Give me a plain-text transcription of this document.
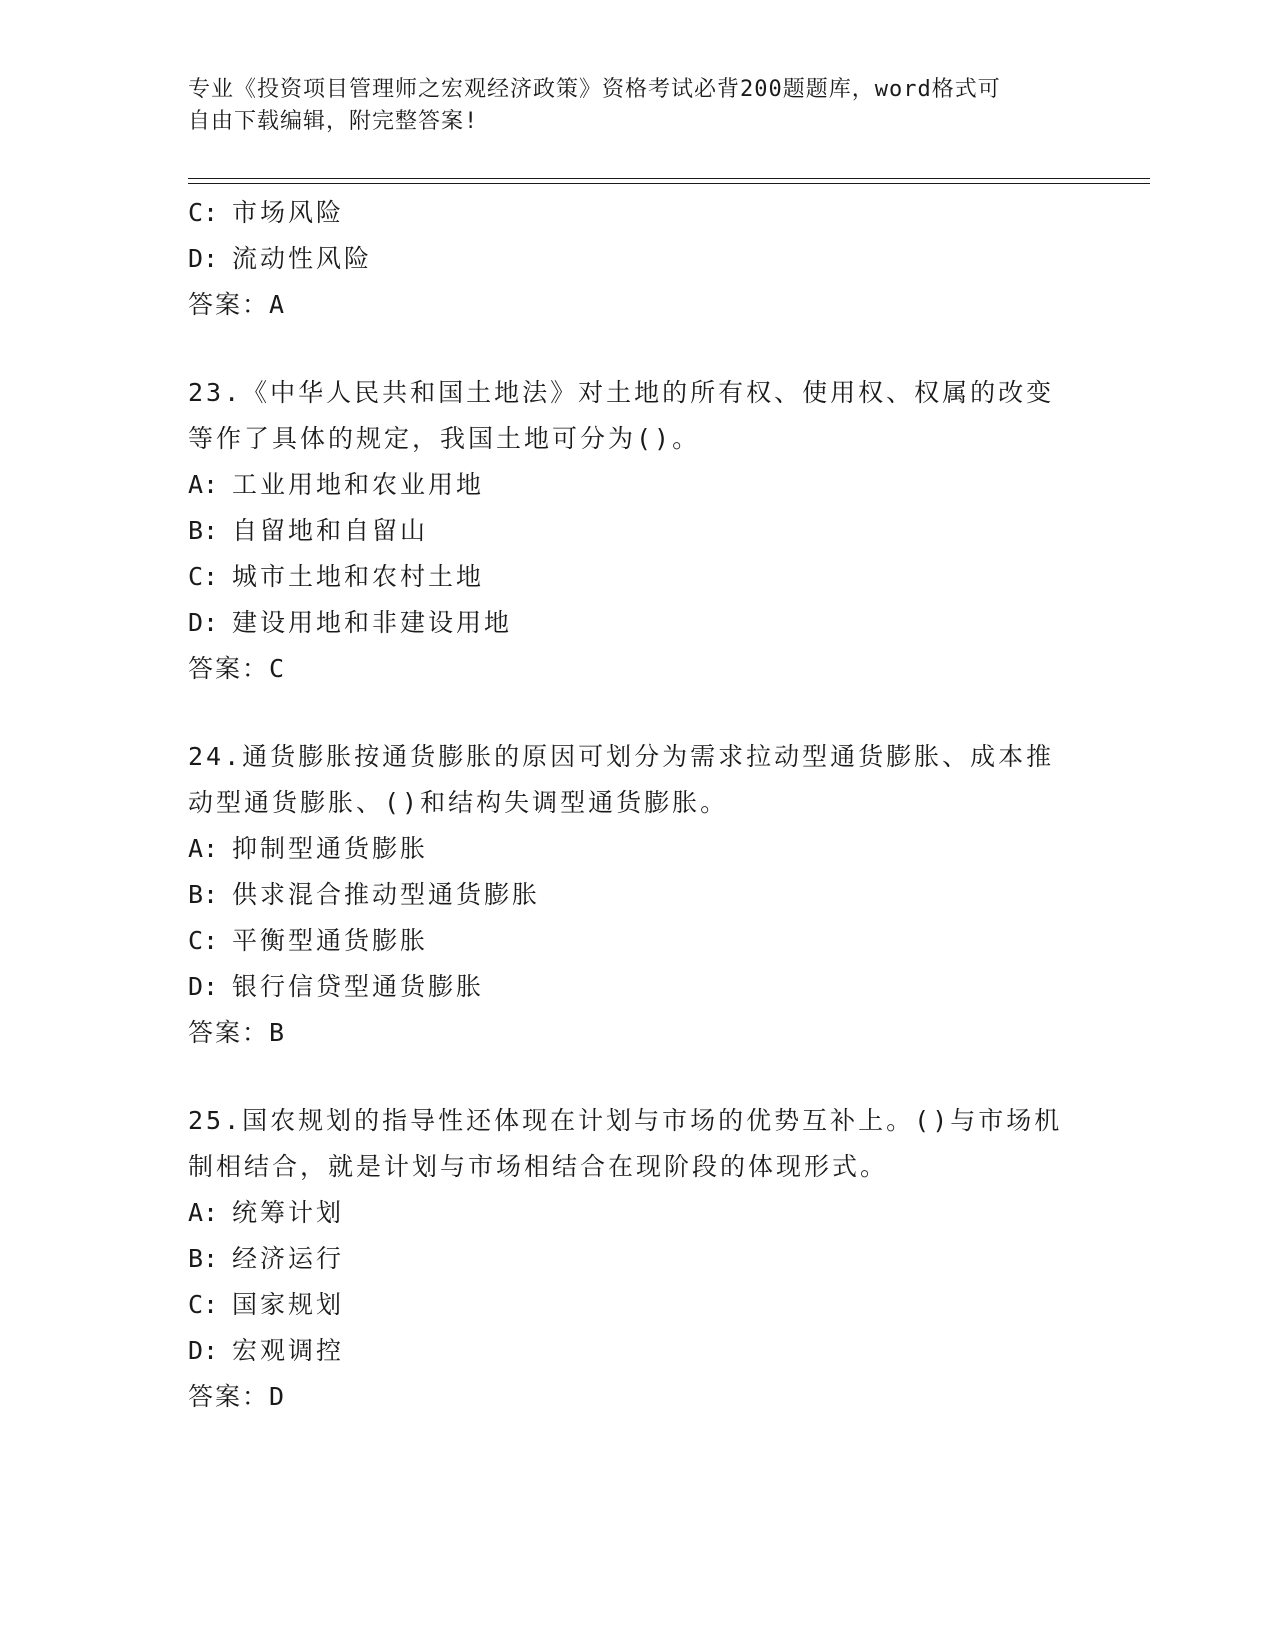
专业《投资项目管理师之宏观经济政策》资格考试必背200题题库，word格式可
自由下载编辑，附完整答案!
C: 市场风险
D: 流动性风险
答案：A
23.《中华人民共和国土地法》对土地的所有权、使用权、权属的改变
等作了具体的规定，我国土地可分为()。
A: 工业用地和农业用地
B: 自留地和自留山
C: 城市土地和农村土地
D: 建设用地和非建设用地
答案：C
24.通货膨胀按通货膨胀的原因可划分为需求拉动型通货膨胀、成本推
动型通货膨胀、()和结构失调型通货膨胀。
A: 抑制型通货膨胀
B: 供求混合推动型通货膨胀
C: 平衡型通货膨胀
D: 银行信贷型通货膨胀
答案：B
25.国农规划的指导性还体现在计划与市场的优势互补上。()与市场机
制相结合，就是计划与市场相结合在现阶段的体现形式。
A: 统筹计划
B: 经济运行
C: 国家规划
D: 宏观调控
答案：D
